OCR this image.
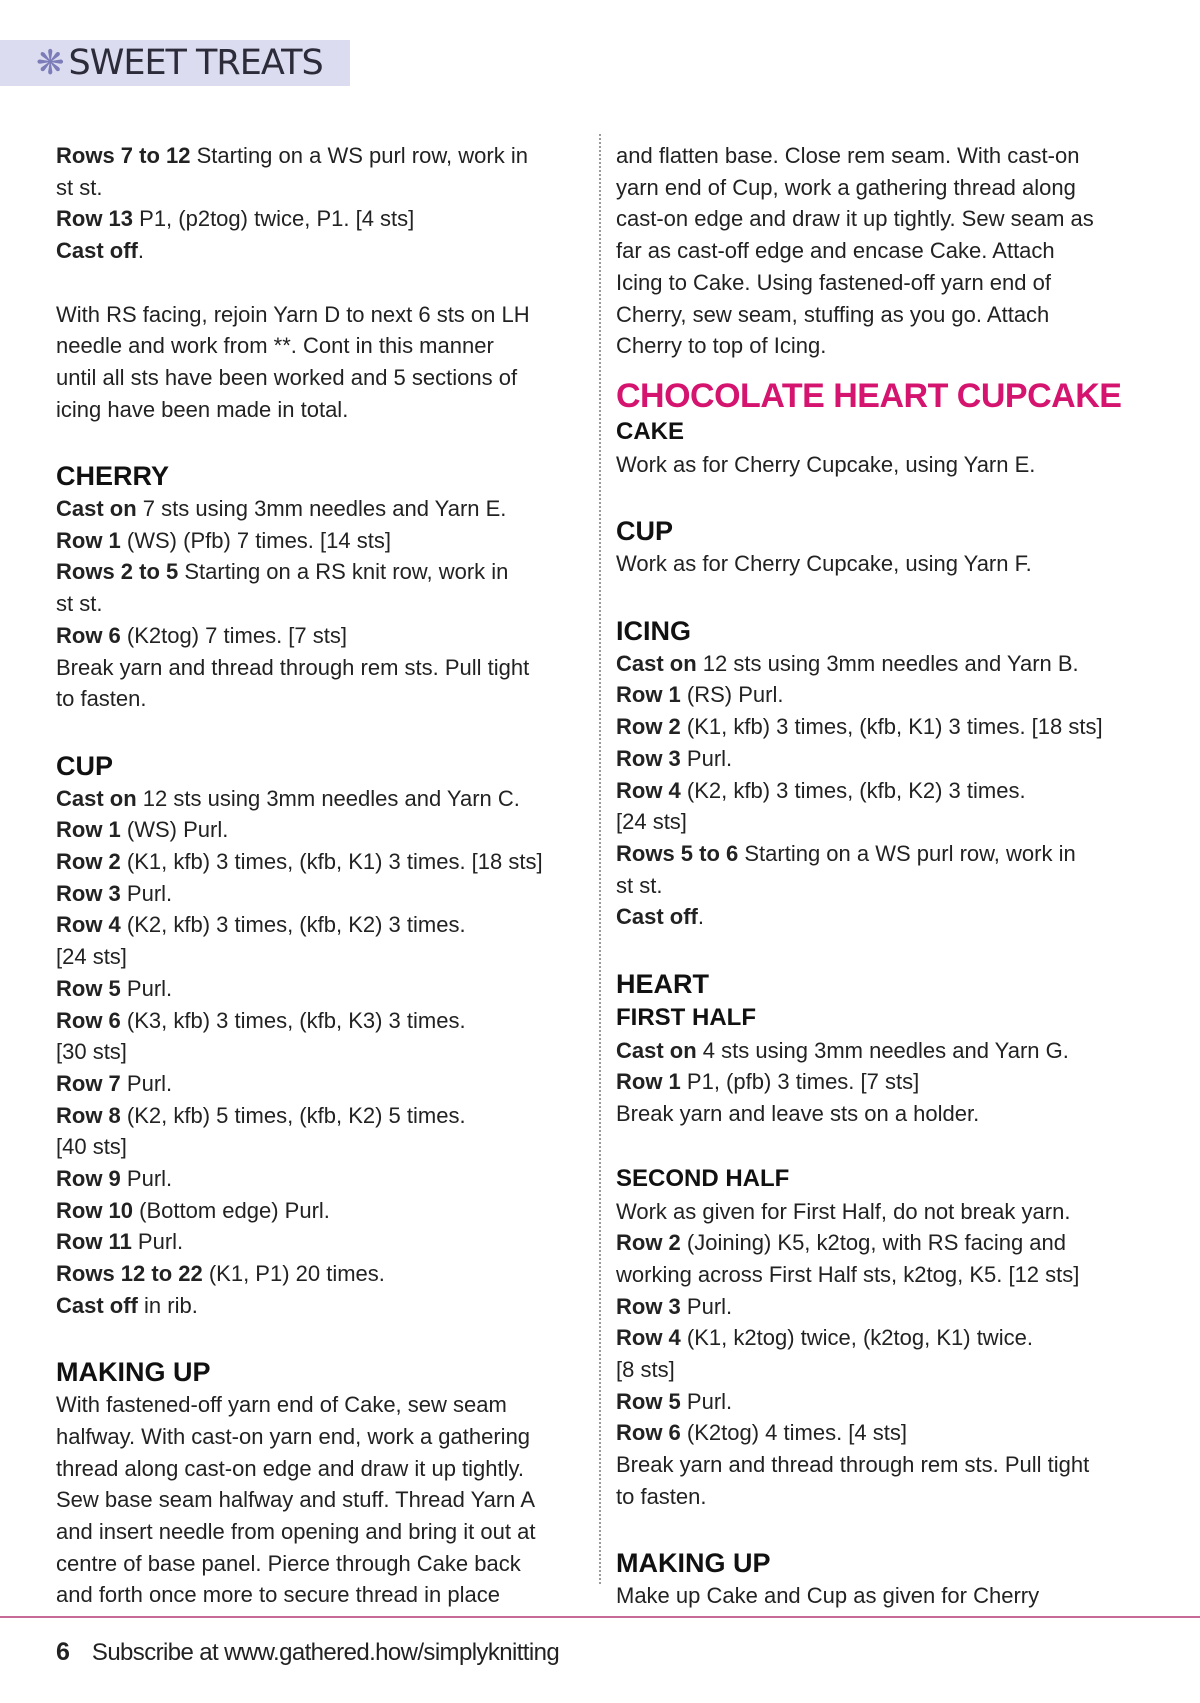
❋ SWEET TREATS
Rows 7 to 12 Starting on a WS purl row, work in
st st.
Row 13 P1, (p2tog) twice, P1. [4 sts]
Cast off.
With RS facing, rejoin Yarn D to next 6 sts on LH
needle and work from **. Cont in this manner
until all sts have been worked and 5 sections of
icing have been made in total.
CHERRY
Cast on 7 sts using 3mm needles and Yarn E.
Row 1 (WS) (Pfb) 7 times. [14 sts]
Rows 2 to 5 Starting on a RS knit row, work in
st st.
Row 6 (K2tog) 7 times. [7 sts]
Break yarn and thread through rem sts. Pull tight
to fasten.
CUP
Cast on 12 sts using 3mm needles and Yarn C.
Row 1 (WS) Purl.
Row 2 (K1, kfb) 3 times, (kfb, K1) 3 times. [18 sts]
Row 3 Purl.
Row 4 (K2, kfb) 3 times, (kfb, K2) 3 times.
[24 sts]
Row 5 Purl.
Row 6 (K3, kfb) 3 times, (kfb, K3) 3 times.
[30 sts]
Row 7 Purl.
Row 8 (K2, kfb) 5 times, (kfb, K2) 5 times.
[40 sts]
Row 9 Purl.
Row 10 (Bottom edge) Purl.
Row 11 Purl.
Rows 12 to 22 (K1, P1) 20 times.
Cast off in rib.
MAKING UP
With fastened-off yarn end of Cake, sew seam
halfway. With cast-on yarn end, work a gathering
thread along cast-on edge and draw it up tightly.
Sew base seam halfway and stuff. Thread Yarn A
and insert needle from opening and bring it out at
centre of base panel. Pierce through Cake back
and forth once more to secure thread in place
and flatten base. Close rem seam. With cast-on
yarn end of Cup, work a gathering thread along
cast-on edge and draw it up tightly. Sew seam as
far as cast-off edge and encase Cake. Attach
Icing to Cake. Using fastened-off yarn end of
Cherry, sew seam, stuffing as you go. Attach
Cherry to top of Icing.
CHOCOLATE HEART CUPCAKE
CAKE
Work as for Cherry Cupcake, using Yarn E.
CUP
Work as for Cherry Cupcake, using Yarn F.
ICING
Cast on 12 sts using 3mm needles and Yarn B.
Row 1 (RS) Purl.
Row 2 (K1, kfb) 3 times, (kfb, K1) 3 times. [18 sts]
Row 3 Purl.
Row 4 (K2, kfb) 3 times, (kfb, K2) 3 times.
[24 sts]
Rows 5 to 6 Starting on a WS purl row, work in
st st.
Cast off.
HEART
FIRST HALF
Cast on 4 sts using 3mm needles and Yarn G.
Row 1 P1, (pfb) 3 times. [7 sts]
Break yarn and leave sts on a holder.
SECOND HALF
Work as given for First Half, do not break yarn.
Row 2 (Joining) K5, k2tog, with RS facing and
working across First Half sts, k2tog, K5. [12 sts]
Row 3 Purl.
Row 4 (K1, k2tog) twice, (k2tog, K1) twice.
[8 sts]
Row 5 Purl.
Row 6 (K2tog) 4 times. [4 sts]
Break yarn and thread through rem sts. Pull tight
to fasten.
MAKING UP
Make up Cake and Cup as given for Cherry
6 Subscribe at www.gathered.how/simplyknitting
